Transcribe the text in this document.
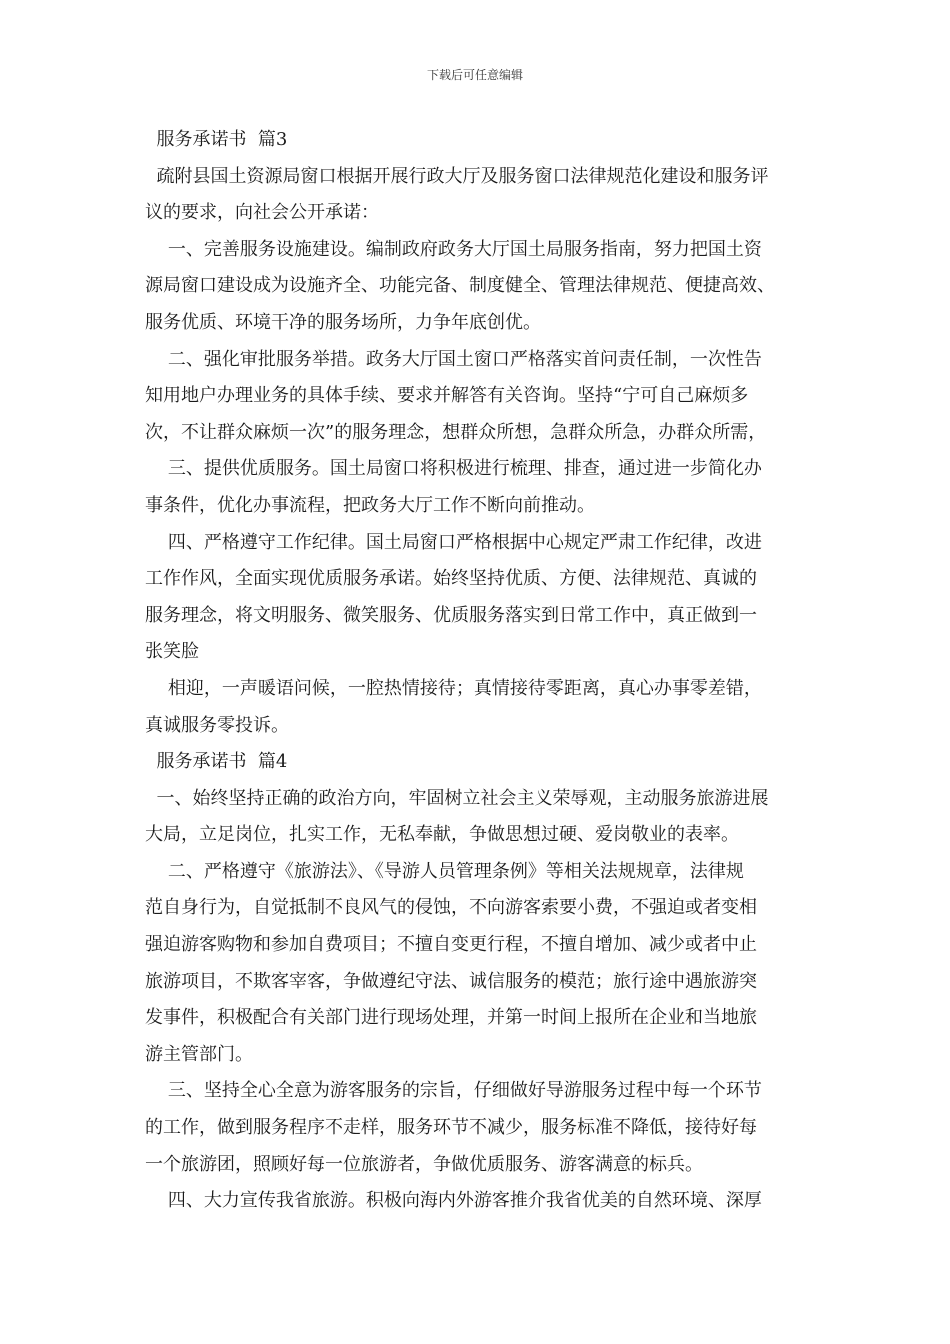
下载后可任意编辑
服务承诺书  篇3
疏附县国土资源局窗口根据开展行政大厅及服务窗口法律规范化建设和服务评
议的要求，向社会公开承诺：
一、完善服务设施建设。编制政府政务大厅国土局服务指南，努力把国土资
源局窗口建设成为设施齐全、功能完备、制度健全、管理法律规范、便捷高效、
服务优质、环境干净的服务场所，力争年底创优。
二、强化审批服务举措。政务大厅国土窗口严格落实首问责任制，一次性告
知用地户办理业务的具体手续、要求并解答有关咨询。坚持“宁可自己麻烦多
次，不让群众麻烦一次”的服务理念，想群众所想，急群众所急，办群众所需，
三、提供优质服务。国土局窗口将积极进行梳理、排查，通过进一步简化办
事条件，优化办事流程，把政务大厅工作不断向前推动。
四、严格遵守工作纪律。国土局窗口严格根据中心规定严肃工作纪律，改进
工作作风，全面实现优质服务承诺。始终坚持优质、方便、法律规范、真诚的
服务理念，将文明服务、微笑服务、优质服务落实到日常工作中，真正做到一
张笑脸
相迎，一声暖语问候，一腔热情接待；真情接待零距离，真心办事零差错，
真诚服务零投诉。
服务承诺书  篇4
一、始终坚持正确的政治方向，牢固树立社会主义荣辱观，主动服务旅游进展
大局，立足岗位，扎实工作，无私奉献，争做思想过硬、爱岗敬业的表率。
二、严格遵守《旅游法》、《导游人员管理条例》等相关法规规章，法律规
范自身行为，自觉抵制不良风气的侵蚀，不向游客索要小费，不强迫或者变相
强迫游客购物和参加自费项目；不擅自变更行程，不擅自增加、减少或者中止
旅游项目，不欺客宰客，争做遵纪守法、诚信服务的模范；旅行途中遇旅游突
发事件，积极配合有关部门进行现场处理，并第一时间上报所在企业和当地旅
游主管部门。
三、坚持全心全意为游客服务的宗旨，仔细做好导游服务过程中每一个环节
的工作，做到服务程序不走样，服务环节不减少，服务标准不降低，接待好每
一个旅游团，照顾好每一位旅游者，争做优质服务、游客满意的标兵。
四、大力宣传我省旅游。积极向海内外游客推介我省优美的自然环境、深厚
